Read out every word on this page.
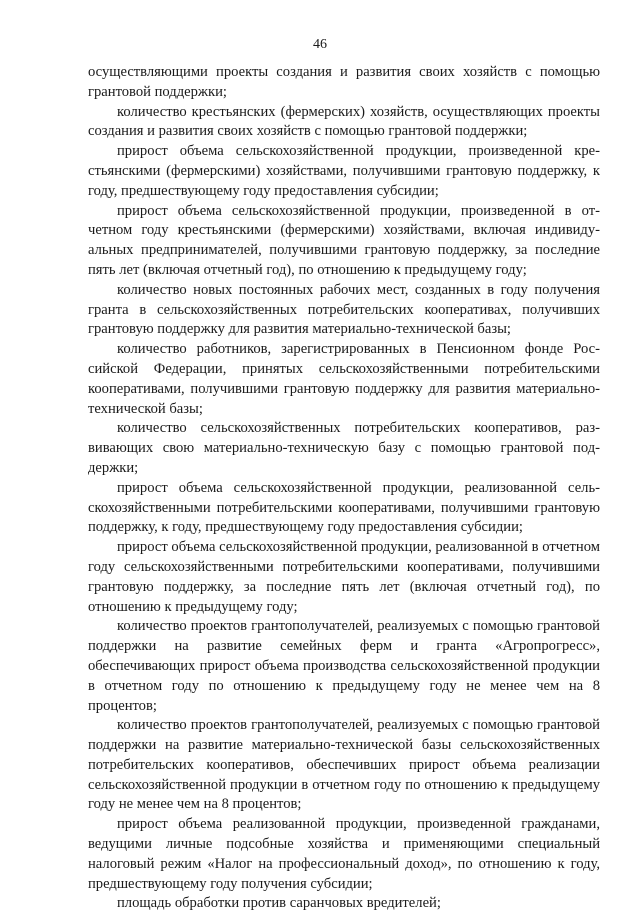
46

осуществляющими проекты создания и развития своих хозяйств с помощью грантовой поддержки;

количество крестьянских (фермерских) хозяйств, осуществляющих проекты создания и развития своих хозяйств с помощью грантовой поддержки;

прирост объема сельскохозяйственной продукции, произведенной крестьянскими (фермерскими) хозяйствами, получившими грантовую поддержку, к году, предшествующему году предоставления субсидии;

прирост объема сельскохозяйственной продукции, произведенной в отчетном году крестьянскими (фермерскими) хозяйствами, включая индивидуальных предпринимателей, получившими грантовую поддержку, за последние пять лет (включая отчетный год), по отношению к предыдущему году;

количество новых постоянных рабочих мест, созданных в году получения гранта в сельскохозяйственных потребительских кооперативах, получивших грантовую поддержку для развития материально-технической базы;

количество работников, зарегистрированных в Пенсионном фонде Российской Федерации, принятых сельскохозяйственными потребительскими кооперативами, получившими грантовую поддержку для развития материально-технической базы;

количество сельскохозяйственных потребительских кооперативов, развивающих свою материально-техническую базу с помощью грантовой поддержки;

прирост объема сельскохозяйственной продукции, реализованной сельскохозяйственными потребительскими кооперативами, получившими грантовую поддержку, к году, предшествующему году предоставления субсидии;

прирост объема сельскохозяйственной продукции, реализованной в отчетном году сельскохозяйственными потребительскими кооперативами, получившими грантовую поддержку, за последние пять лет (включая отчетный год), по отношению к предыдущему году;

количество проектов грантополучателей, реализуемых с помощью грантовой поддержки на развитие семейных ферм и гранта «Агропрогресс», обеспечивающих прирост объема производства сельскохозяйственной продукции в отчетном году по отношению к предыдущему году не менее чем на 8 процентов;

количество проектов грантополучателей, реализуемых с помощью грантовой поддержки на развитие материально-технической базы сельскохозяйственных потребительских кооперативов, обеспечивших прирост объема реализации сельскохозяйственной продукции в отчетном году по отношению к предыдущему году не менее чем на 8 процентов;

прирост объема реализованной продукции, произведенной гражданами, ведущими личные подсобные хозяйства и применяющими специальный налоговый режим «Налог на профессиональный доход», по отношению к году, предшествующему году получения субсидии;

площадь обработки против саранчовых вредителей;
